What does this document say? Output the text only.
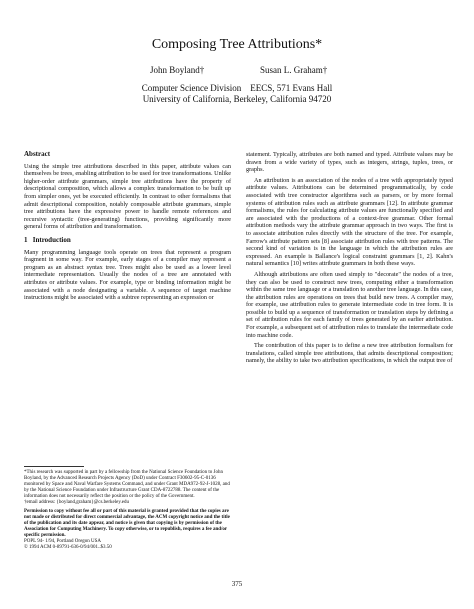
Composing Tree Attributions*
John Boyland†	Susan L. Graham†
Computer Science Division    EECS, 571 Evans Hall
University of California, Berkeley, California 94720
Abstract
Using the simple tree attributions described in this paper, attribute values can themselves be trees, enabling attribution to be used for tree transformations. Unlike higher-order attribute grammars, simple tree attributions have the property of descriptional composition, which allows a complex transformation to be built up from simpler ones, yet be executed efficiently. In contrast to other formalisms that admit descriptional composition, notably composable attribute grammars, simple tree attributions have the expressive power to handle remote references and recursive syntactic (tree-generating) functions, providing significantly more general forms of attribution and transformation.
1   Introduction
Many programming language tools operate on trees that represent a program fragment in some way. For example, early stages of a compiler may represent a program as an abstract syntax tree. Trees might also be used as a lower level intermediate representation. Usually the nodes of a tree are annotated with attributes or attribute values. For example, type or binding information might be associated with a node designating a variable. A sequence of target machine instructions might be associated with a subtree representing an expression or
*This research was supported in part by a fellowship from the National Science Foundation to John Boyland, by the Advanced Research Projects Agency (DoD) under Contract F30602-95-C-0136 monitored by Space and Naval Warfare Systems Command, and under Grant MDA972-92-J-1028, and by the National Science Foundation under Infrastructure Grant CDA-8722788. The content of the information does not necessarily reflect the position or the policy of the Government.
†email address: {boyland,graham}@cs.berkeley.edu
Permission to copy without fee all or part of this material is granted provided that the copies are not made or distributed for direct commercial advantage, the ACM copyright notice and the title of the publication and its date appear, and notice is given that copying is by permission of the Association for Computing Machinery. To copy otherwise, or to republish, requires a fee and/or specific permission.
POPL 94- 1/94, Portland Oregon USA
© 1994 ACM 0-89791-636-0/94/001..$3.50
statement. Typically, attributes are both named and typed. Attribute values may be drawn from a wide variety of types, such as integers, strings, tuples, trees, or graphs.
An attribution is an association of the nodes of a tree with appropriately typed attribute values. Attributions can be determined programmatically, by code associated with tree constructor algorithms such as parsers, or by more formal systems of attribution rules such as attribute grammars [12]. In attribute grammar formalisms, the rules for calculating attribute values are functionally specified and are associated with the productions of a context-free grammar. Other formal attribution methods vary the attribute grammar approach in two ways. The first is to associate attribution rules directly with the structure of the tree. For example, Farrow's attribute pattern sets [8] associate attribution rules with tree patterns. The second kind of variation is in the language in which the attribution rules are expressed. An example is Ballance's logical constraint grammars [1, 2]. Kahn's natural semantics [10] writes attribute grammars in both these ways.
Although attributions are often used simply to "decorate" the nodes of a tree, they can also be used to construct new trees, computing either a transformation within the same tree language or a translation to another tree language. In this case, the attribution rules are operations on trees that build new trees. A compiler may, for example, use attribution rules to generate intermediate code in tree form. It is possible to build up a sequence of transformation or translation steps by defining a set of attribution rules for each family of trees generated by an earlier attribution. For example, a subsequent set of attribution rules to translate the intermediate code into machine code.
The contribution of this paper is to define a new tree attribution formalism for translations, called simple tree attributions, that admits descriptional composition; namely, the ability to take two attribution specifications, in which the output tree of
375
